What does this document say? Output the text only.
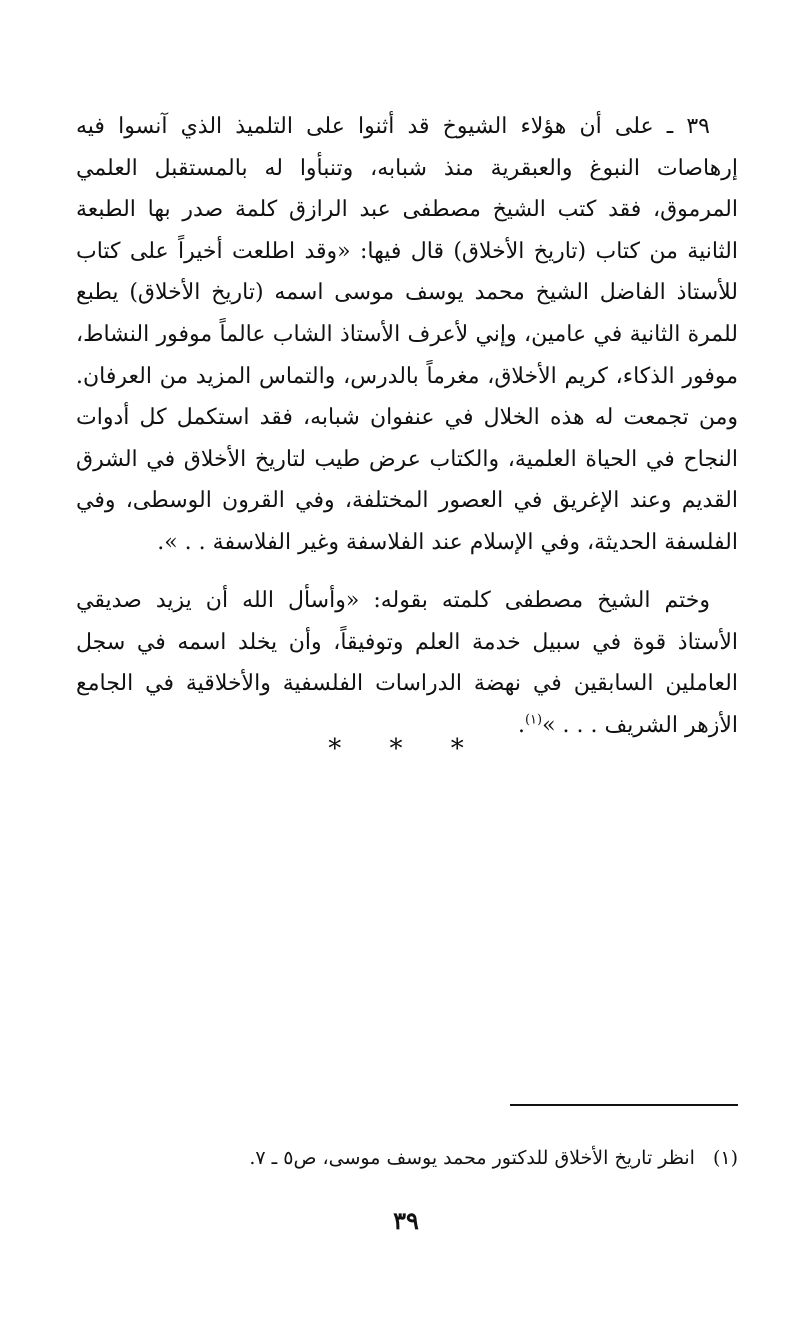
٣٩ ـ على أن هؤلاء الشيوخ قد أثنوا على التلميذ الذي آنسوا فيه إرهاصات النبوغ والعبقرية منذ شبابه، وتنبأوا له بالمستقبل العلمي المرموق، فقد كتب الشيخ مصطفى عبد الرازق كلمة صدر بها الطبعة الثانية من كتاب (تاريخ الأخلاق) قال فيها: «وقد اطلعت أخيراً على كتاب للأستاذ الفاضل الشيخ محمد يوسف موسى اسمه (تاريخ الأخلاق) يطبع للمرة الثانية في عامين، وإني لأعرف الأستاذ الشاب عالماً موفور النشاط، موفور الذكاء، كريم الأخلاق، مغرماً بالدرس، والتماس المزيد من العرفان. ومن تجمعت له هذه الخلال في عنفوان شبابه، فقد استكمل كل أدوات النجاح في الحياة العلمية، والكتاب عرض طيب لتاريخ الأخلاق في الشرق القديم وعند الإغريق في العصور المختلفة، وفي القرون الوسطى، وفي الفلسفة الحديثة، وفي الإسلام عند الفلاسفة وغير الفلاسفة . . ».

وختم الشيخ مصطفى كلمته بقوله: «وأسأل الله أن يزيد صديقي الأستاذ قوة في سبيل خدمة العلم وتوفيقاً، وأن يخلد اسمه في سجل العاملين السابقين في نهضة الدراسات الفلسفية والأخلاقية في الجامع الأزهر الشريف . . . »$^{(١)}$.

* * *

(١)انظر تاريخ الأخلاق للدكتور محمد يوسف موسى، ص٥ ـ ٧.

٣٩
